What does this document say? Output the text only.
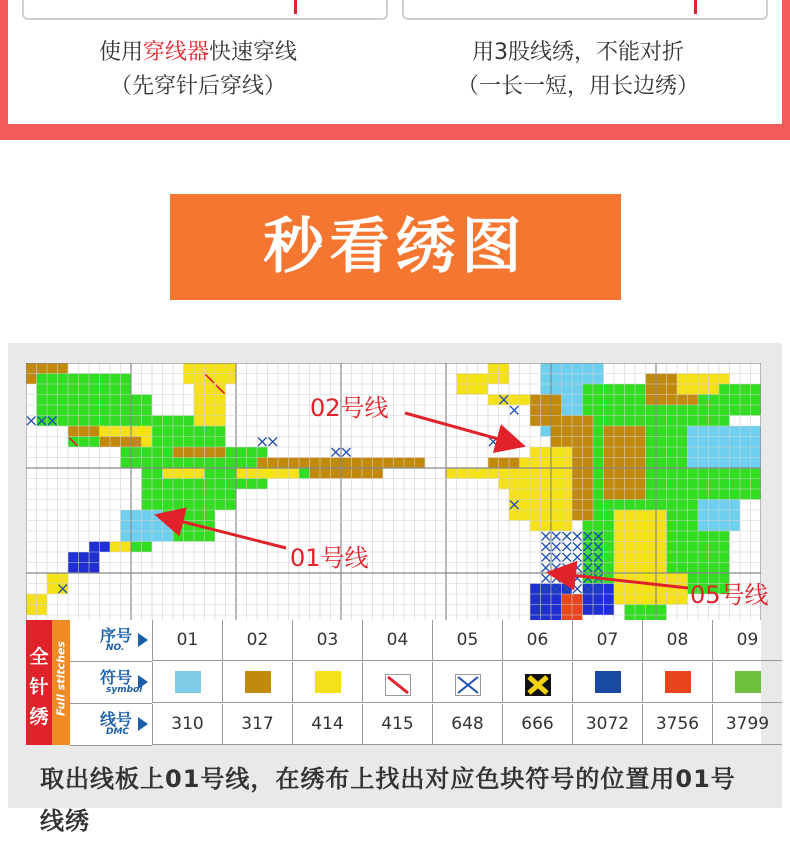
使用穿线器快速穿线
（先穿针后穿线）
用3股线绣，不能对折
（一长一短，用长边绣）
秒看绣图
02号线
01号线
05号线
全
针
绣
Full stitches
序号
NO.
符号
symbol
线号
DMC
01
310
02
317
03
414
04
415
05
648
06
666
07
3072
08
3756
09
3799
取出线板上01号线，在绣布上找出对应色块符号的位置用01号线绣
